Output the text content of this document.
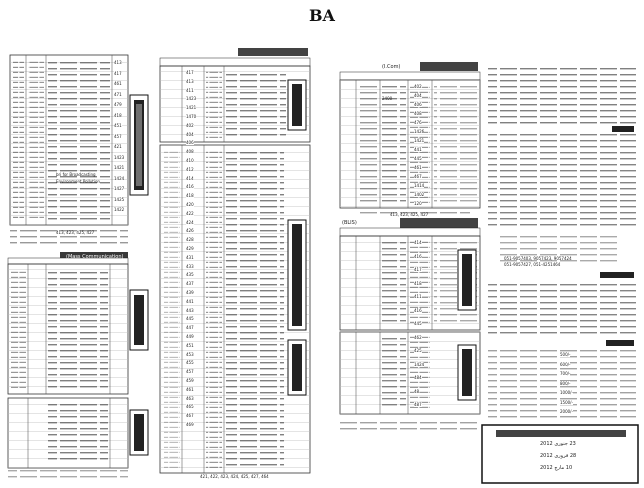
BA
(Mass Communication)
(General Group)
(I.Com)
(BLIS)
413, 423, 425, 427
Environment Pollution
bri for Broadcasting
421, 422, 423, 424, 425, 427, 464
2400
413, 423, 425, 427
051-9057403, 9057423, 9057424
051-9057427, 051-4251464
413
417
461
471
479
418
451
457
421
1423
1421
1424
1427
1425
1422
417
413
411
1423
1421
1470
402
404
406
408
410
412
414
416
418
420
422
424
426
428
429
431
433
435
437
439
441
443
445
447
449
451
453
455
457
459
461
463
465
467
469
402
404
406
408
476
1426
1421
441
445
461
467
1414
1402
120
414
416
417
418
411
416
445
462
425
1424
484
48
487
500/-
600/-
700/-
800/-
1000/-
1500/-
2000/-
23 جنوری 2012
28 فروری 2012
10 مارچ 2012
